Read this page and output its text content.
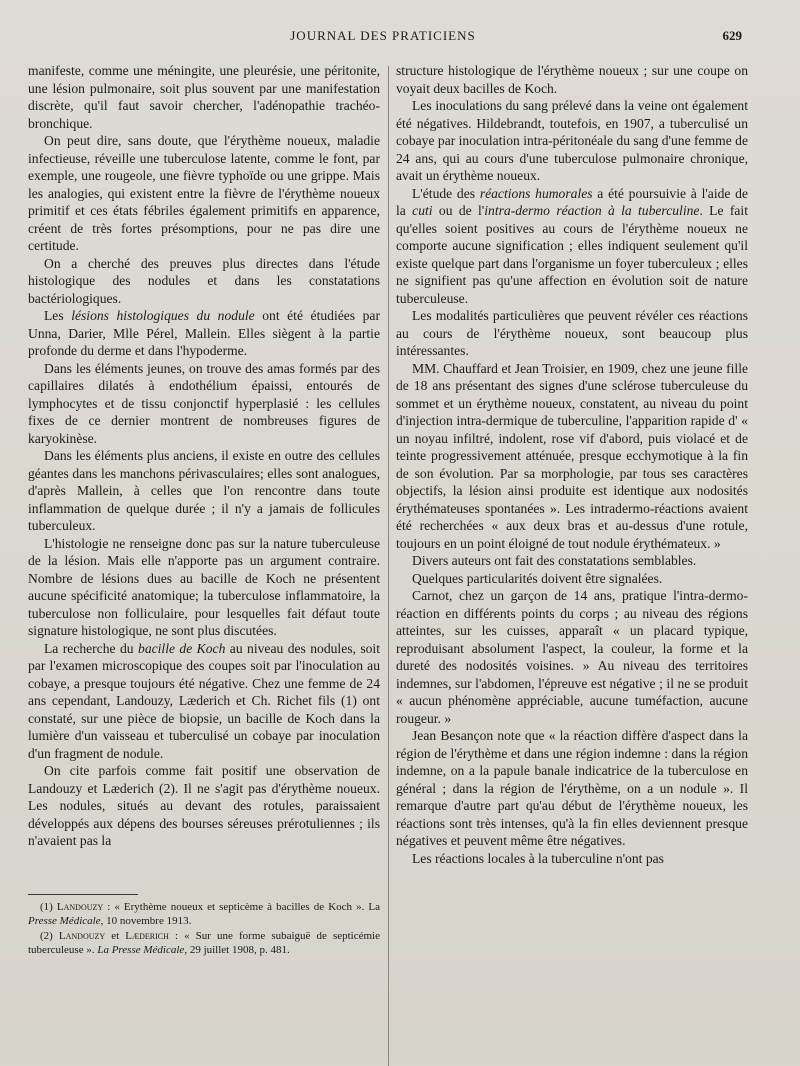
JOURNAL DES PRATICIENS	629

manifeste, comme une méningite, une pleurésie, une péritonite, une lésion pulmonaire, soit plus souvent par une manifestation discrète, qu'il faut savoir chercher, l'adénopathie trachéo-bronchique.

On peut dire, sans doute, que l'érythème noueux, maladie infectieuse, réveille une tuberculose latente, comme le font, par exemple, une rougeole, une fièvre typhoïde ou une grippe. Mais les analogies, qui existent entre la fièvre de l'érythème noueux primitif et ces états fébriles également primitifs en apparence, créent de très fortes présomptions, pour ne pas dire une certitude.

On a cherché des preuves plus directes dans l'étude histologique des nodules et dans les constatations bactériologiques.

Les lésions histologiques du nodule ont été étudiées par Unna, Darier, Mlle Pérel, Mallein. Elles siègent à la partie profonde du derme et dans l'hypoderme.

Dans les éléments jeunes, on trouve des amas formés par des capillaires dilatés à endothélium épaissi, entourés de lymphocytes et de tissu conjonctif hyperplasié : les cellules fixes de ce dernier montrent de nombreuses figures de karyokinèse.

Dans les éléments plus anciens, il existe en outre des cellules géantes dans les manchons périvasculaires; elles sont analogues, d'après Mallein, à celles que l'on rencontre dans toute inflammation de quelque durée ; il n'y a jamais de follicules tuberculeux.

L'histologie ne renseigne donc pas sur la nature tuberculeuse de la lésion. Mais elle n'apporte pas un argument contraire. Nombre de lésions dues au bacille de Koch ne présentent aucune spécificité anatomique; la tuberculose inflammatoire, la tuberculose non folliculaire, pour lesquelles fait défaut toute signature histologique, ne sont plus discutées.

La recherche du bacille de Koch au niveau des nodules, soit par l'examen microscopique des coupes soit par l'inoculation au cobaye, a presque toujours été négative. Chez une femme de 24 ans cependant, Landouzy, Læderich et Ch. Richet fils (1) ont constaté, sur une pièce de biopsie, un bacille de Koch dans la lumière d'un vaisseau et tuberculisé un cobaye par inoculation d'un fragment de nodule.

On cite parfois comme fait positif une observation de Landouzy et Læderich (2). Il ne s'agit pas d'érythème noueux. Les nodules, situés au devant des rotules, paraissaient développés aux dépens des bourses séreuses prérotuliennes ; ils n'avaient pas la

(1) Landouzy : « Erythème noueux et septicème à bacilles de Koch ». La Presse Médicale, 10 novembre 1913.

(2) Landouzy et Læderich : « Sur une forme subaiguë de septicémie tuberculeuse ». La Presse Médicale, 29 juillet 1908, p. 481.

structure histologique de l'érythème noueux ; sur une coupe on voyait deux bacilles de Koch.

Les inoculations du sang prélevé dans la veine ont également été négatives. Hildebrandt, toutefois, en 1907, a tuberculisé un cobaye par inoculation intra-péritonéale du sang d'une femme de 24 ans, qui au cours d'une tuberculose pulmonaire chronique, avait un érythème noueux.

L'étude des réactions humorales a été poursuivie à l'aide de la cuti ou de l'intra-dermo réaction à la tuberculine. Le fait qu'elles soient positives au cours de l'érythème noueux ne comporte aucune signification ; elles indiquent seulement qu'il existe quelque part dans l'organisme un foyer tuberculeux ; elles ne signifient pas qu'une affection en évolution soit de nature tuberculeuse.

Les modalités particulières que peuvent révéler ces réactions au cours de l'érythème noueux, sont beaucoup plus intéressantes.

MM. Chauffard et Jean Troisier, en 1909, chez une jeune fille de 18 ans présentant des signes d'une sclérose tuberculeuse du sommet et un érythème noueux, constatent, au niveau du point d'injection intra-dermique de tuberculine, l'apparition rapide d' « un noyau infiltré, indolent, rose vif d'abord, puis violacé et de teinte progressivement atténuée, presque ecchymotique à la fin de son évolution. Par sa morphologie, par tous ses caractères objectifs, la lésion ainsi produite est identique aux nodosités érythémateuses spontanées ». Les intradermo-réactions avaient été recherchées « aux deux bras et au-dessus d'une rotule, toujours en un point éloigné de tout nodule érythémateux. »

Divers auteurs ont fait des constatations semblables.

Quelques particularités doivent être signalées.

Carnot, chez un garçon de 14 ans, pratique l'intra-dermo-réaction en différents points du corps ; au niveau des régions atteintes, sur les cuisses, apparaît « un placard typique, reproduisant absolument l'aspect, la couleur, la forme et la dureté des nodosités voisines. » Au niveau des territoires indemnes, sur l'abdomen, l'épreuve est négative ; il ne se produit « aucun phénomène appréciable, aucune tuméfaction, aucune rougeur. »

Jean Besançon note que « la réaction diffère d'aspect dans la région de l'érythème et dans une région indemne : dans la région indemne, on a la papule banale indicatrice de la tuberculose en général ; dans la région de l'érythème, on a un nodule ». Il remarque d'autre part qu'au début de l'érythème noueux, les réactions sont très intenses, qu'à la fin elles deviennent presque négatives et peuvent même être négatives.

Les réactions locales à la tuberculine n'ont pas
